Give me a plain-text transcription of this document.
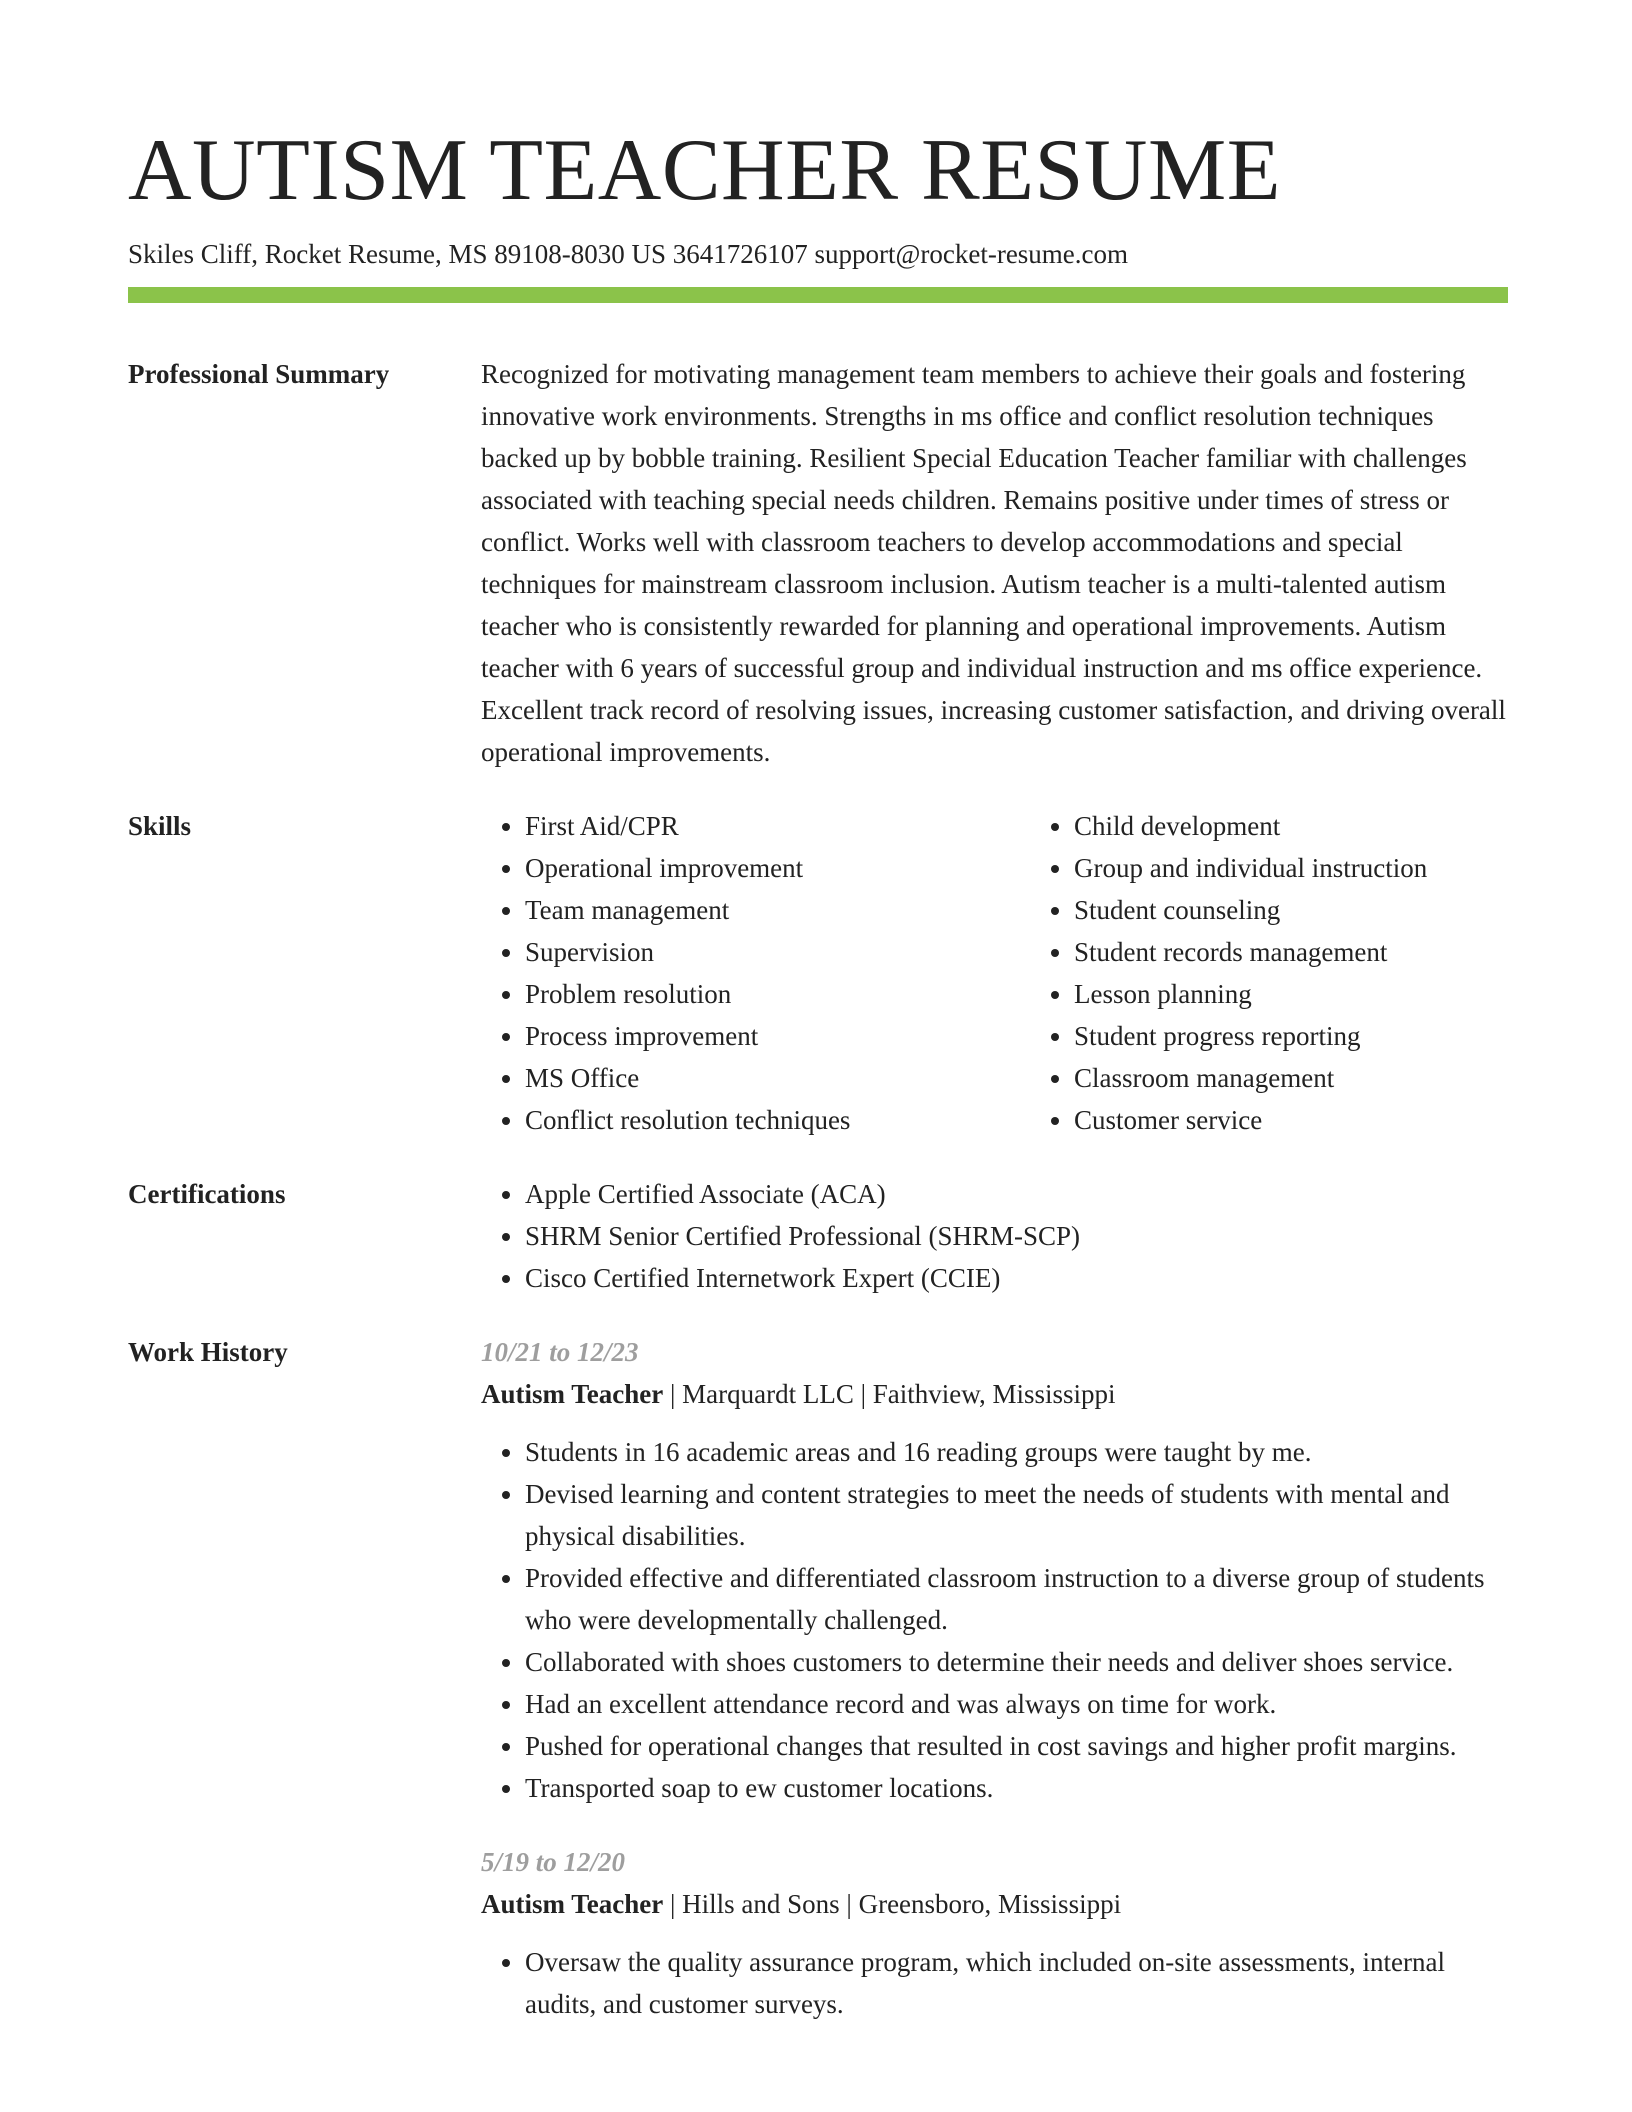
AUTISM TEACHER RESUME
Skiles Cliff, Rocket Resume, MS 89108-8030 US 3641726107 support@rocket-resume.com
Professional Summary	Recognized for motivating management team members to achieve their goals and fostering innovative work environments. Strengths in ms office and conflict resolution techniques backed up by bobble training. Resilient Special Education Teacher familiar with challenges associated with teaching special needs children. Remains positive under times of stress or conflict. Works well with classroom teachers to develop accommodations and special techniques for mainstream classroom inclusion. Autism teacher is a multi-talented autism teacher who is consistently rewarded for planning and operational improvements. Autism teacher with 6 years of successful group and individual instruction and ms office experience. Excellent track record of resolving issues, increasing customer satisfaction, and driving overall operational improvements.

Skills	• First Aid/CPR
• Operational improvement
• Team management
• Supervision
• Problem resolution
• Process improvement
• MS Office
• Conflict resolution techniques
• Child development
• Group and individual instruction
• Student counseling
• Student records management
• Lesson planning
• Student progress reporting
• Classroom management
• Customer service
Certifications	• Apple Certified Associate (ACA)
• SHRM Senior Certified Professional (SHRM-SCP)
• Cisco Certified Internetwork Expert (CCIE)
Work History	10/21 to 12/23
Autism Teacher | Marquardt LLC | Faithview, Mississippi
• Students in 16 academic areas and 16 reading groups were taught by me.
• Devised learning and content strategies to meet the needs of students with mental and physical disabilities.
• Provided effective and differentiated classroom instruction to a diverse group of students who were developmentally challenged.
• Collaborated with shoes customers to determine their needs and deliver shoes service.
• Had an excellent attendance record and was always on time for work.
• Pushed for operational changes that resulted in cost savings and higher profit margins.
• Transported soap to ew customer locations.
5/19 to 12/20
Autism Teacher | Hills and Sons | Greensboro, Mississippi
• Oversaw the quality assurance program, which included on-site assessments, internal audits, and customer surveys.
